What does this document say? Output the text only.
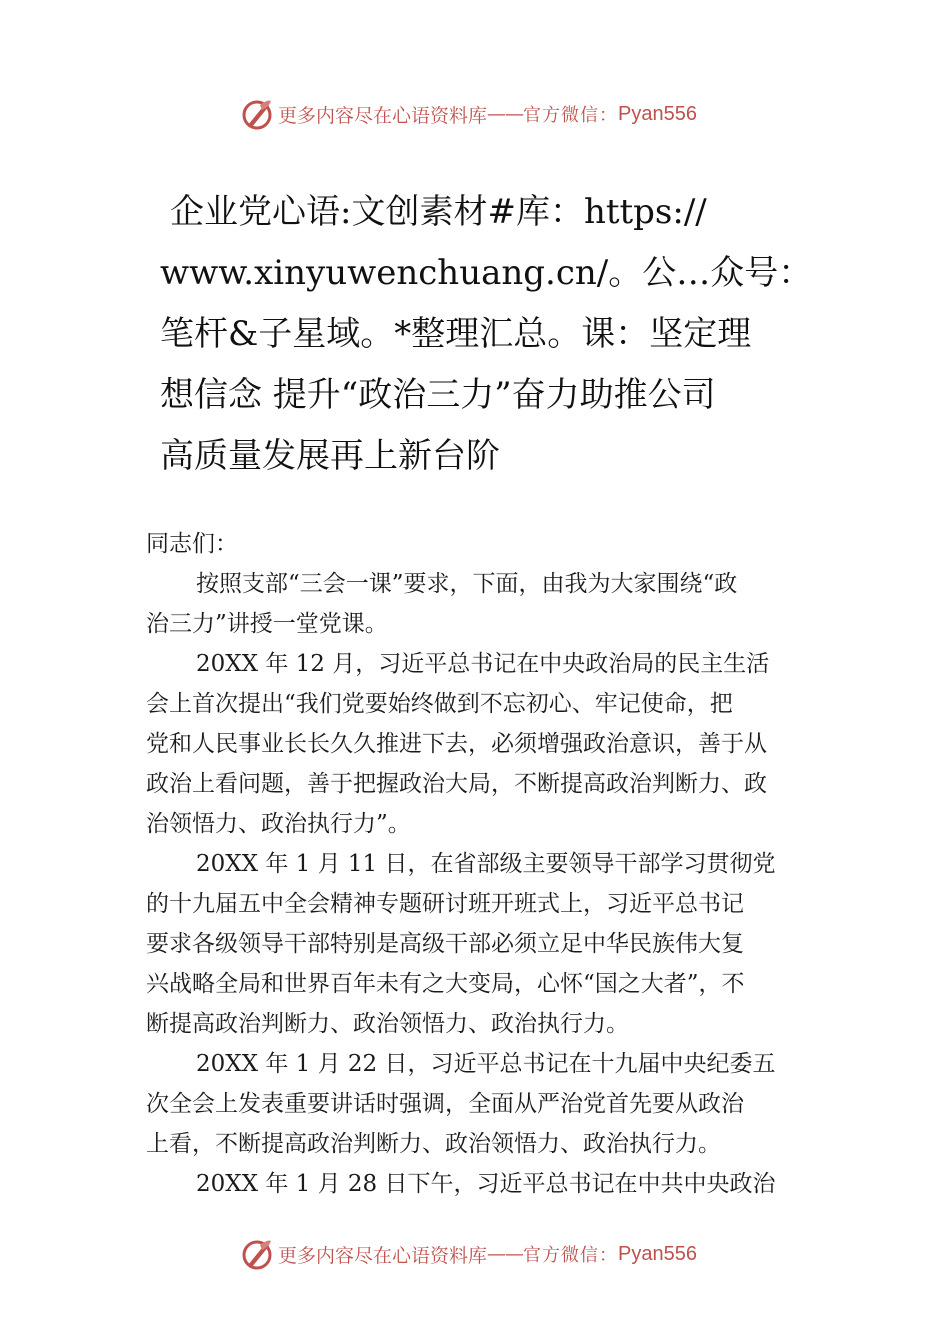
更多内容尽在心语资料库 —— 官方微信： Pyan556
企业党心语:文创素材#库：https://
www.xinyuwenchuang.cn/。公…众号：
笔杆&子星域。*整理汇总。课：坚定理
想信念 提升“政治三力”奋力助推公司
高质量发展再上新台阶
同志们：
按照支部“三会一课”要求，下面，由我为大家围绕“政
治三力”讲授一堂党课。
20XX 年 12 月，习近平总书记在中央政治局的民主生活
会上首次提出“我们党要始终做到不忘初心、牢记使命，把
党和人民事业长长久久推进下去，必须增强政治意识，善于从
政治上看问题，善于把握政治大局，不断提高政治判断力、政
治领悟力、政治执行力”。
20XX 年 1 月 11 日，在省部级主要领导干部学习贯彻党
的十九届五中全会精神专题研讨班开班式上，习近平总书记
要求各级领导干部特别是高级干部必须立足中华民族伟大复
兴战略全局和世界百年未有之大变局，心怀“国之大者”，不
断提高政治判断力、政治领悟力、政治执行力。
20XX 年 1 月 22 日，习近平总书记在十九届中央纪委五
次全会上发表重要讲话时强调，全面从严治党首先要从政治
上看，不断提高政治判断力、政治领悟力、政治执行力。
20XX 年 1 月 28 日下午，习近平总书记在中共中央政治
更多内容尽在心语资料库 —— 官方微信： Pyan556
